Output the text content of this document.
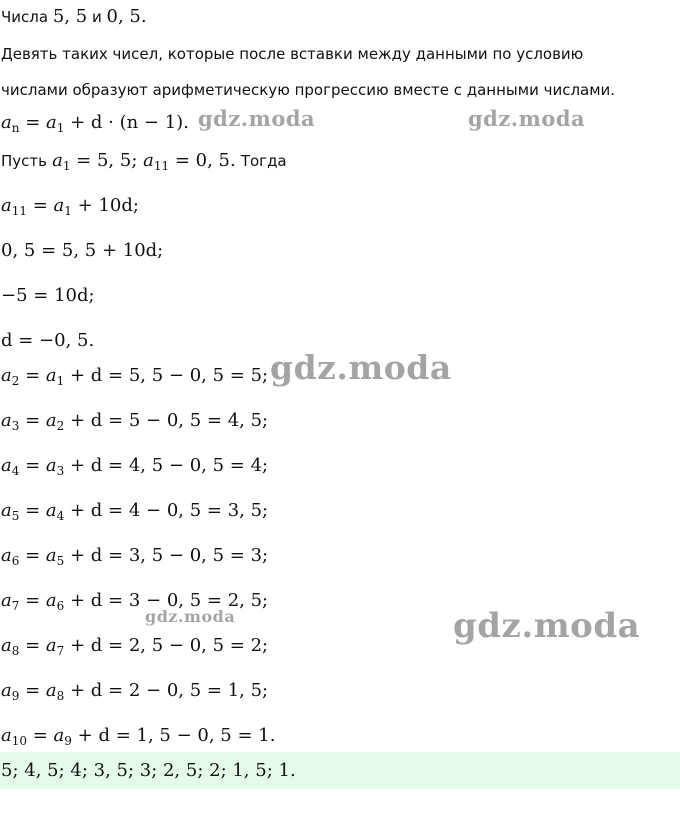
Числа 5, 5 и 0, 5.
Девять таких чисел, которые после вставки между данными по условию
числами образуют арифметическую прогрессию вместе с данными числами.
$a_n = a_1 + d \cdot (n - 1)$.
Пусть $a_1 = 5$, 5; $a_{11} = 0$, 5. Тогда
$a_{11} = a_1 + 10d$;
0, 5 = 5, 5 + 10d;
−5 = 10d;
d = −0, 5.
$a_2 = a_1 + d = 5$, 5 − 0, 5 = 5;
$a_3 = a_2 + d = 5 - 0$, 5 = 4, 5;
$a_4 = a_3 + d = 4$, 5 − 0, 5 = 4;
$a_5 = a_4 + d = 4 - 0$, 5 = 3, 5;
$a_6 = a_5 + d = 3$, 5 − 0, 5 = 3;
$a_7 = a_6 + d = 3 - 0$, 5 = 2, 5;
$a_8 = a_7 + d = 2$, 5 − 0, 5 = 2;
$a_9 = a_8 + d = 2 - 0$, 5 = 1, 5;
$a_{10} = a_9 + d = 1$, 5 − 0, 5 = 1.
5; 4, 5; 4; 3, 5; 3; 2, 5; 2; 1, 5; 1.
gdz.moda	gdz.moda
gdz.moda
gdz.moda	gdz.moda
